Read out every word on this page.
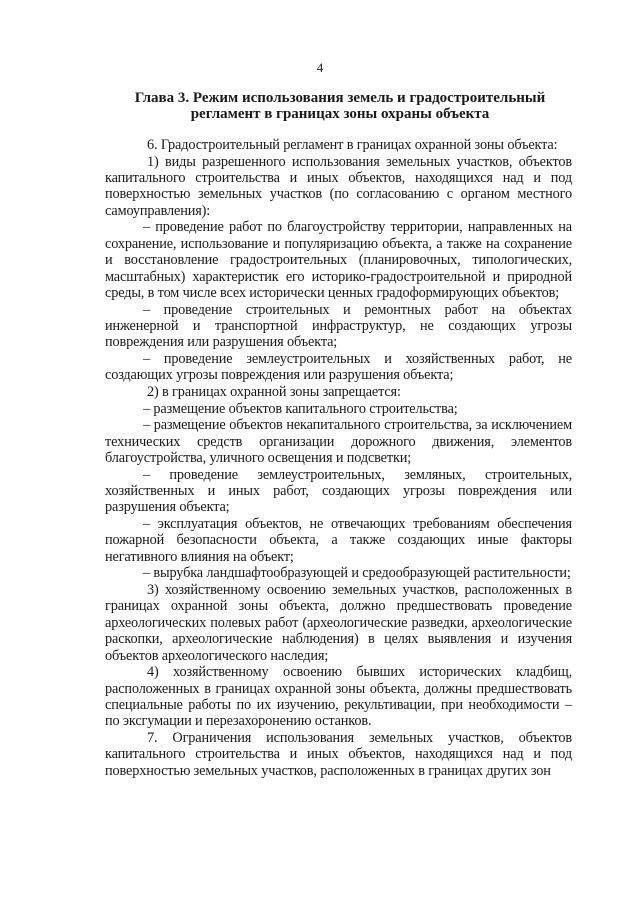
4
Глава 3. Режим использования земель и градостроительный
регламент в границах зоны охраны объекта

6. Градостроительный регламент в границах охранной зоны объекта:

1) виды разрешенного использования земельных участков, объектов капитального строительства и иных объектов, находящихся над и под поверхностью земельных участков (по согласованию с органом местного самоуправления):

– проведение работ по благоустройству территории, направленных на сохранение, использование и популяризацию объекта, а также на сохранение и восстановление градостроительных (планировочных, типологических, масштабных) характеристик его историко-градостроительной и природной среды, в том числе всех исторически ценных градоформирующих объектов;

– проведение строительных и ремонтных работ на объектах инженерной и транспортной инфраструктур, не создающих угрозы повреждения или разрушения объекта;

– проведение землеустроительных и хозяйственных работ, не создающих угрозы повреждения или разрушения объекта;

2) в границах охранной зоны запрещается:

– размещение объектов капитального строительства;

– размещение объектов некапитального строительства, за исключением технических средств организации дорожного движения, элементов благоустройства, уличного освещения и подсветки;

– проведение землеустроительных, земляных, строительных, хозяйственных и иных работ, создающих угрозы повреждения или разрушения объекта;

– эксплуатация объектов, не отвечающих требованиям обеспечения пожарной безопасности объекта, а также создающих иные факторы негативного влияния на объект;

– вырубка ландшафтообразующей и средообразующей растительности;

3) хозяйственному освоению земельных участков, расположенных в границах охранной зоны объекта, должно предшествовать проведение археологических полевых работ (археологические разведки, археологические раскопки, археологические наблюдения) в целях выявления и изучения объектов археологического наследия;

4) хозяйственному освоению бывших исторических кладбищ, расположенных в границах охранной зоны объекта, должны предшествовать специальные работы по их изучению, рекультивации, при необходимости – по эксгумации и перезахоронению останков.

7. Ограничения использования земельных участков, объектов капитального строительства и иных объектов, находящихся над и под поверхностью земельных участков, расположенных в границах других зон
